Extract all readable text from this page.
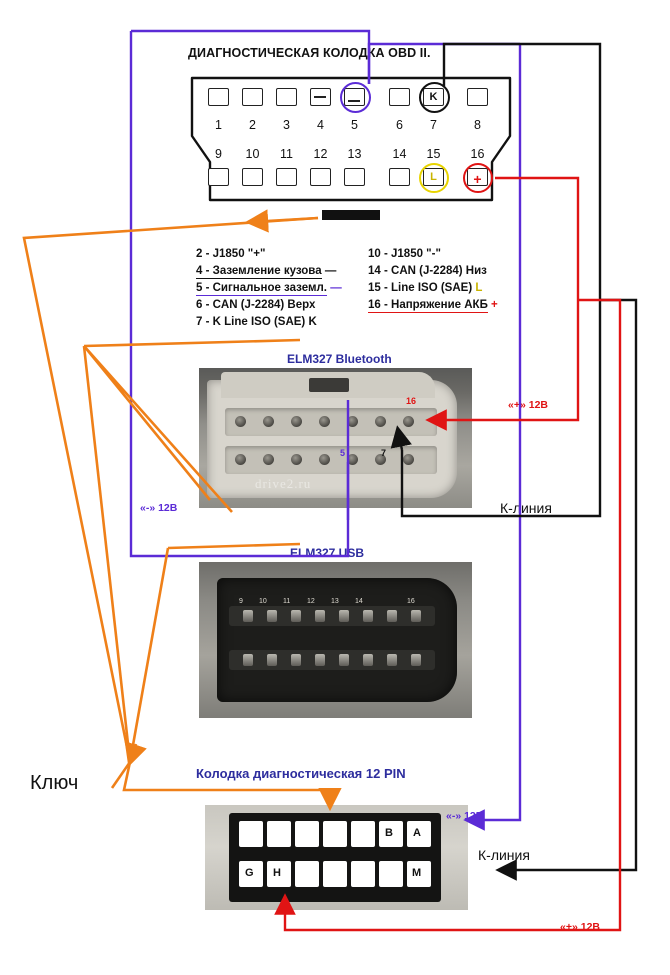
ДИАГНОСТИЧЕСКАЯ КОЛОДКА OBD II.
K
1	2	3	4	5	6	7	8
9	10	11	12 13 14 15 16
L	+
2 - J1850 "+"
4 - Заземление кузова —
5 - Сигнальное заземл. —
6 - CAN (J-2284) Верх
7 - K Line ISO (SAE) K
10 - J1850 "-"
14 - CAN (J-2284) Низ
15 - Line ISO (SAE) L
16 - Напряжение АКБ +
ELM327 Bluetooth
drive2.ru
16
5	7
«-» 12В
«+» 12В
К-линия
ELM327 USB
9 10 11 12 13 14	16
Колодка диагностическая 12 PIN
B A
G H	M
«-» 12В
К-линия
«+» 12В
Ключ
